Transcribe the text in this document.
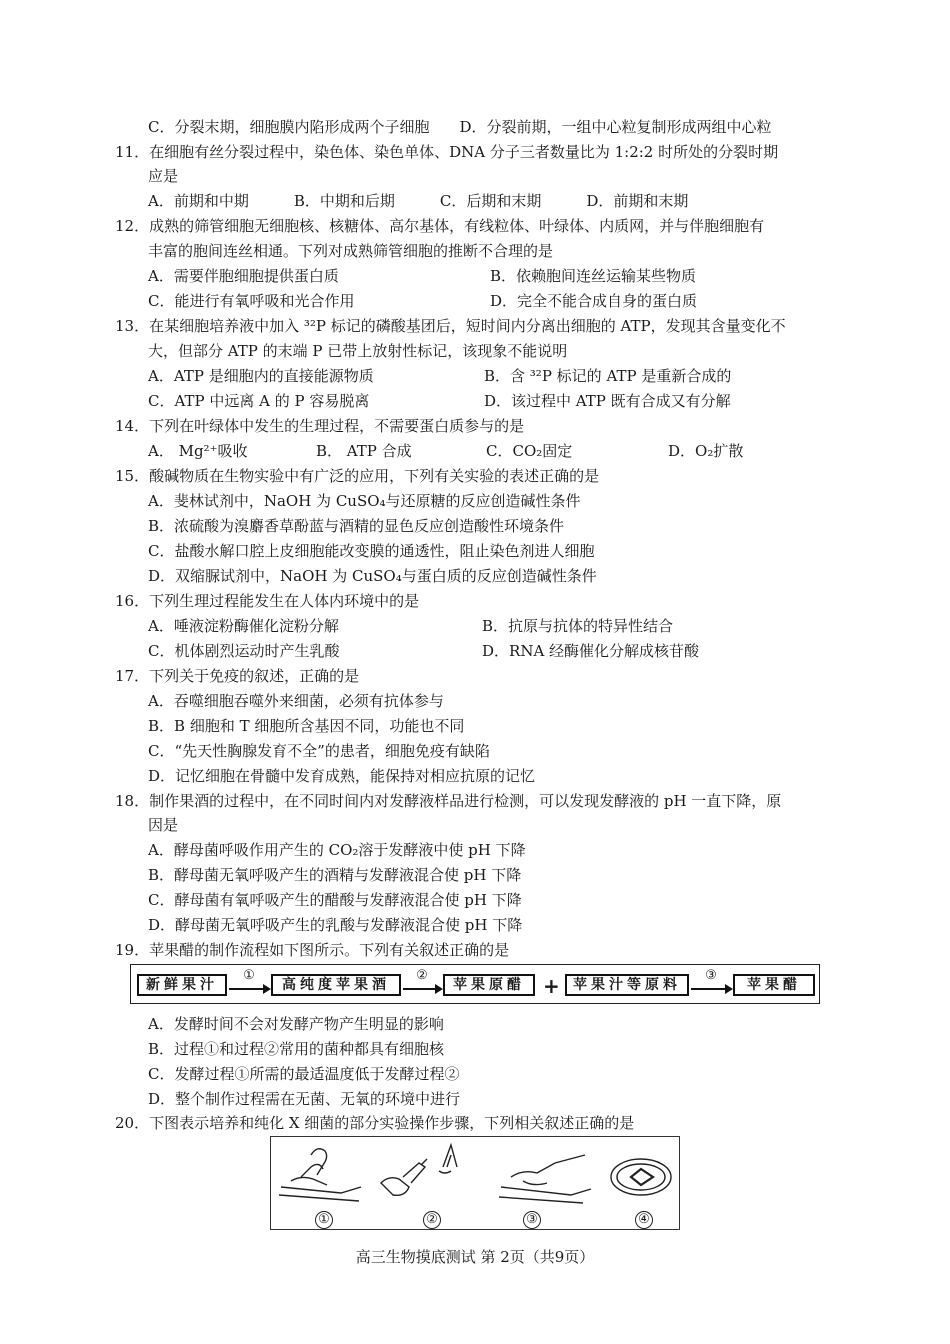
C．分裂末期，细胞膜内陷形成两个子细胞　　D．分裂前期，一组中心粒复制形成两组中心粒
11．在细胞有丝分裂过程中，染色体、染色单体、DNA 分子三者数量比为 1:2:2 时所处的分裂时期
应是
A．前期和中期　　　B．中期和后期　　　C．后期和末期　　　D．前期和末期
12．成熟的筛管细胞无细胞核、核糖体、高尔基体，有线粒体、叶绿体、内质网，并与伴胞细胞有
丰富的胞间连丝相通。下列对成熟筛管细胞的推断不合理的是
A．需要伴胞细胞提供蛋白质	B．依赖胞间连丝运输某些物质
C．能进行有氧呼吸和光合作用	D．完全不能合成自身的蛋白质
13．在某细胞培养液中加入 ³²P 标记的磷酸基团后，短时间内分离出细胞的 ATP，发现其含量变化不
大，但部分 ATP 的末端 P 已带上放射性标记，该现象不能说明
A．ATP 是细胞内的直接能源物质	B．含 ³²P 标记的 ATP 是重新合成的
C．ATP 中远离 A 的 P 容易脱离	D．该过程中 ATP 既有合成又有分解
14．下列在叶绿体中发生的生理过程，不需要蛋白质参与的是
A． Mg²⁺吸收	B． ATP 合成	C．CO₂固定	D．O₂扩散
15．酸碱物质在生物实验中有广泛的应用，下列有关实验的表述正确的是
A．斐林试剂中，NaOH 为 CuSO₄与还原糖的反应创造碱性条件
B．浓硫酸为溴麝香草酚蓝与酒精的显色反应创造酸性环境条件
C．盐酸水解口腔上皮细胞能改变膜的通透性，阻止染色剂进人细胞
D．双缩脲试剂中，NaOH 为 CuSO₄与蛋白质的反应创造碱性条件
16．下列生理过程能发生在人体内环境中的是
A．唾液淀粉酶催化淀粉分解	B．抗原与抗体的特异性结合
C．机体剧烈运动时产生乳酸	D．RNA 经酶催化分解成核苷酸
17．下列关于免疫的叙述，正确的是
A．吞噬细胞吞噬外来细菌，必须有抗体参与
B．B 细胞和 T 细胞所含基因不同，功能也不同
C．“先天性胸腺发育不全”的患者，细胞免疫有缺陷
D．记忆细胞在骨髓中发育成熟，能保持对相应抗原的记忆
18．制作果酒的过程中，在不同时间内对发酵液样品进行检测，可以发现发酵液的 pH 一直下降，原
因是
A．酵母菌呼吸作用产生的 CO₂溶于发酵液中使 pH 下降
B．酵母菌无氧呼吸产生的酒精与发酵液混合使 pH 下降
C．酵母菌有氧呼吸产生的醋酸与发酵液混合使 pH 下降
D．酵母菌无氧呼吸产生的乳酸与发酵液混合使 pH 下降
19．苹果醋的制作流程如下图所示。下列有关叙述正确的是
新鲜果汁
①
高纯度苹果酒
②
苹果原醋 + 苹果汁等原料
③
苹果醋
A．发酵时间不会对发酵产物产生明显的影响
B．过程①和过程②常用的菌种都具有细胞核
C．发酵过程①所需的最适温度低于发酵过程②
D．整个制作过程需在无菌、无氧的环境中进行
20．下图表示培养和纯化 X 细菌的部分实验操作步骤，下列相关叙述正确的是
①	②	③	④
高三生物摸底测试 第 2页（共9页）
